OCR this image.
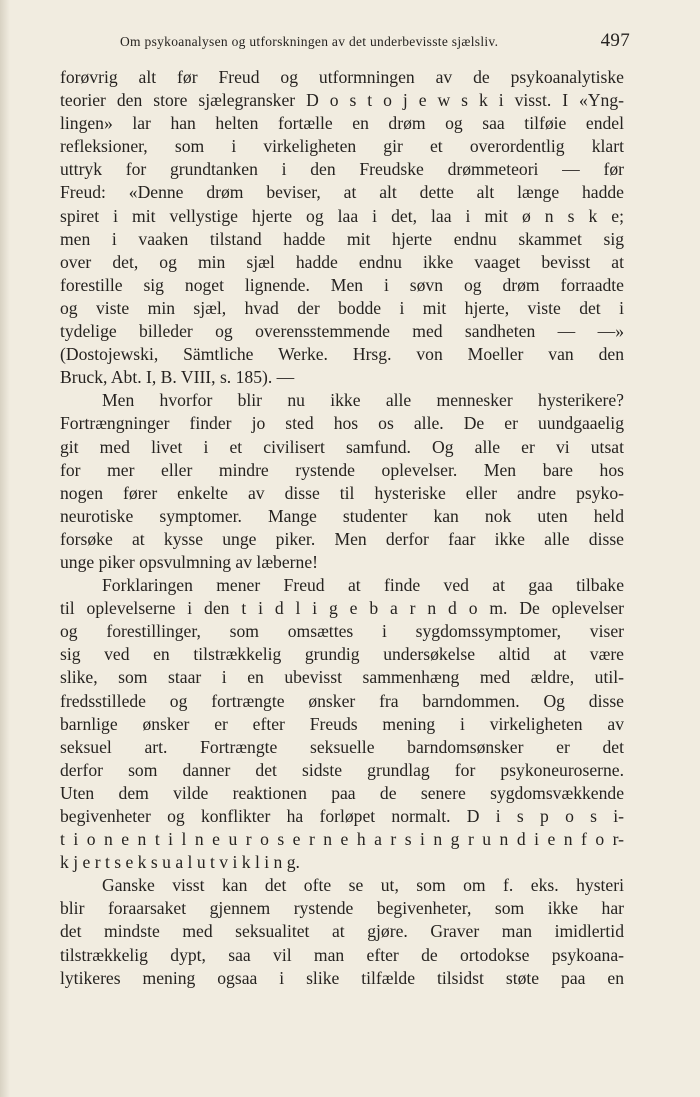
Om psykoanalysen og utforskningen av det underbevisste sjælsliv.	497
forøvrig alt før Freud og utformningen av de psykoanalytiske
teorier den store sjælegransker D o s t o j e w s k i visst. I «Yng-
lingen» lar han helten fortælle en drøm og saa tilføie endel
refleksioner, som i virkeligheten gir et overordentlig klart
uttryk for grundtanken i den Freudske drømmeteori — før
Freud: «Denne drøm beviser, at alt dette alt længe hadde
spiret i mit vellystige hjerte og laa i det, laa i mit ø n s k e;
men i vaaken tilstand hadde mit hjerte endnu skammet sig
over det, og min sjæl hadde endnu ikke vaaget bevisst at
forestille sig noget lignende. Men i søvn og drøm forraadte
og viste min sjæl, hvad der bodde i mit hjerte, viste det i
tydelige billeder og overensstemmende med sandheten — —»
(Dostojewski, Sämtliche Werke. Hrsg. von Moeller van den
Bruck, Abt. I, B. VIII, s. 185). —
Men hvorfor blir nu ikke alle mennesker hysterikere?
Fortrængninger finder jo sted hos os alle. De er uundgaaelig
git med livet i et civilisert samfund. Og alle er vi utsat
for mer eller mindre rystende oplevelser. Men bare hos
nogen fører enkelte av disse til hysteriske eller andre psyko-
neurotiske symptomer. Mange studenter kan nok uten held
forsøke at kysse unge piker. Men derfor faar ikke alle disse
unge piker opsvulmning av læberne!
Forklaringen mener Freud at finde ved at gaa tilbake
til oplevelserne i den t i d l i g e b a r n d o m. De oplevelser
og forestillinger, som omsættes i sygdomssymptomer, viser
sig ved en tilstrækkelig grundig undersøkelse altid at være
slike, som staar i en ubevisst sammenhæng med ældre, util-
fredsstillede og fortrængte ønsker fra barndommen. Og disse
barnlige ønsker er efter Freuds mening i virkeligheten av
seksuel art. Fortrængte seksuelle barndomsønsker er det
derfor som danner det sidste grundlag for psykoneuroserne.
Uten dem vilde reaktionen paa de senere sygdomsvækkende
begivenheter og konflikter ha forløpet normalt. D i s p o s i-
t i o n e n t i l n e u r o s e r n e h a r s i n g r u n d i e n f o r-
k j e r t s e k s u a l u t v i k l i n g.
Ganske visst kan det ofte se ut, som om f. eks. hysteri
blir foraarsaket gjennem rystende begivenheter, som ikke har
det mindste med seksualitet at gjøre. Graver man imidlertid
tilstrækkelig dypt, saa vil man efter de ortodokse psykoana-
lytikeres mening ogsaa i slike tilfælde tilsidst støte paa en
